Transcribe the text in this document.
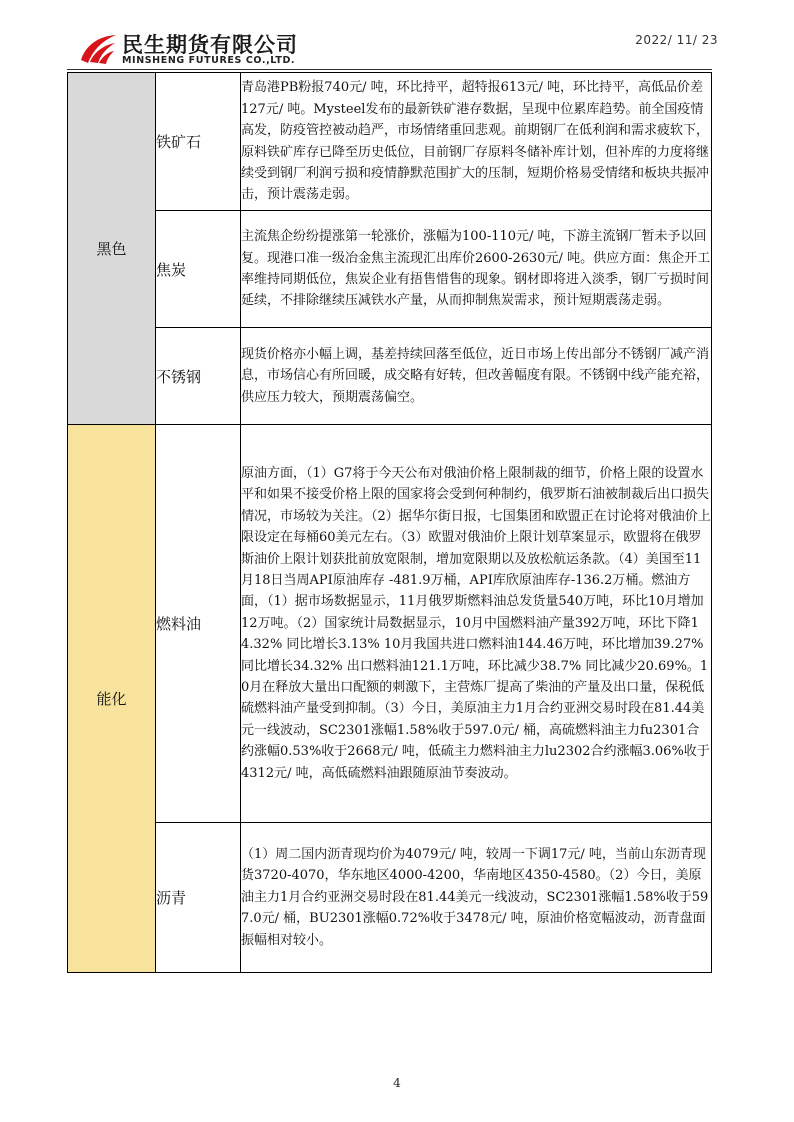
民生期货有限公司
MINSHENG FUTURES CO.,LTD.
2022/ 11/ 23
黑色	铁矿石	青岛港PB粉报740元/ 吨，环比持平，超特报613元/ 吨，环比持平，高低品价差127元/ 吨。Mysteel发布的最新铁矿港存数据，呈现中位累库趋势。前全国疫情高发，防疫管控被动趋严，市场情绪重回悲观。前期钢厂在低利润和需求疲软下，原料铁矿库存已降至历史低位，目前钢厂存原料冬储补库计划，但补库的力度将继续受到钢厂利润亏损和疫情静默范围扩大的压制，短期价格易受情绪和板块共振冲击，预计震荡走弱。
	焦炭	主流焦企纷纷提涨第一轮涨价，涨幅为100-110元/ 吨，下游主流钢厂暂未予以回复。现港口准一级冶金焦主流现汇出库价2600-2630元/ 吨。供应方面：焦企开工率维持同期低位，焦炭企业有捂售惜售的现象。钢材即将进入淡季，钢厂亏损时间延续，不排除继续压减铁水产量，从而抑制焦炭需求，预计短期震荡走弱。
	不锈钢	现货价格亦小幅上调，基差持续回落至低位，近日市场上传出部分不锈钢厂减产消息，市场信心有所回暖，成交略有好转，但改善幅度有限。不锈钢中线产能充裕，供应压力较大，预期震荡偏空。
能化	燃料油	原油方面，（1）G7将于今天公布对俄油价格上限制裁的细节，价格上限的设置水平和如果不接受价格上限的国家将会受到何种制约，俄罗斯石油被制裁后出口损失情况，市场较为关注。（2）据华尔街日报，七国集团和欧盟正在讨论将对俄油价上限设定在每桶60美元左右。（3）欧盟对俄油价上限计划草案显示，欧盟将在俄罗斯油价上限计划获批前放宽限制，增加宽限期以及放松航运条款。（4）美国至11月18日当周API原油库存 -481.9万桶，API库欣原油库存-136.2万桶。燃油方面，（1）据市场数据显示，11月俄罗斯燃料油总发货量540万吨，环比10月增加12万吨。（2）国家统计局数据显示，10月中国燃料油产量392万吨，环比下降14.32% 同比增长3.13% 10月我国共进口燃料油144.46万吨，环比增加39.27% 同比增长34.32% 出口燃料油121.1万吨，环比减少38.7% 同比减少20.69%。10月在释放大量出口配额的刺激下，主营炼厂提高了柴油的产量及出口量，保税低硫燃料油产量受到抑制。（3）今日，美原油主力1月合约亚洲交易时段在81.44美元一线波动，SC2301涨幅1.58%收于597.0元/ 桶，高硫燃料油主力fu2301合约涨幅0.53%收于2668元/ 吨，低硫主力燃料油主力lu2302合约涨幅3.06%收于4312元/ 吨，高低硫燃料油跟随原油节奏波动。
	沥青	（1）周二国内沥青现均价为4079元/ 吨，较周一下调17元/ 吨，当前山东沥青现货3720-4070，华东地区4000-4200，华南地区4350-4580。（2）今日，美原油主力1月合约亚洲交易时段在81.44美元一线波动，SC2301涨幅1.58%收于597.0元/ 桶，BU2301涨幅0.72%收于3478元/ 吨，原油价格宽幅波动，沥青盘面振幅相对较小。
4
